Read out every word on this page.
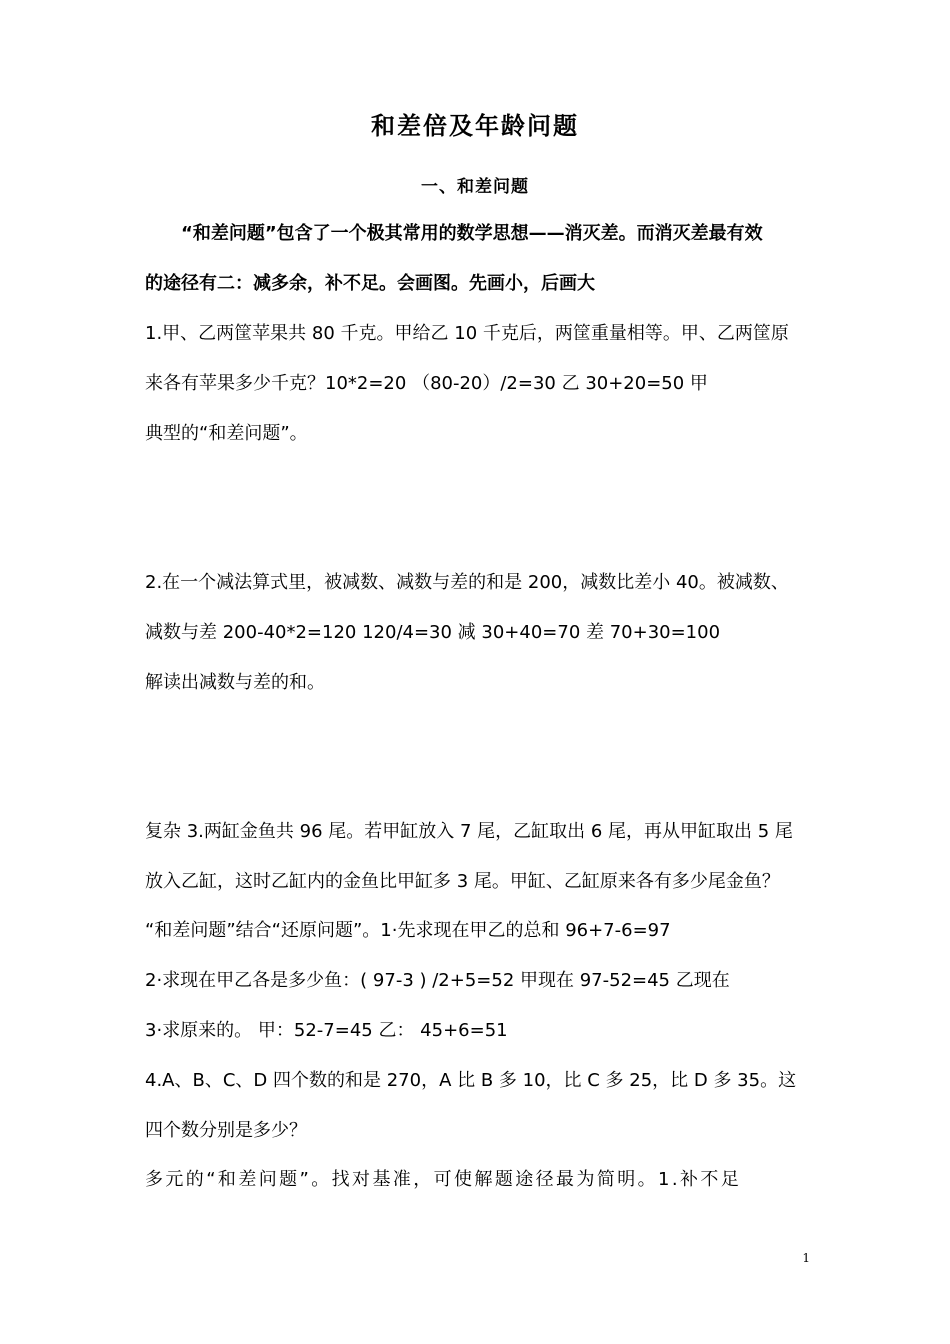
和差倍及年龄问题
一、和差问题
“和差问题”包含了一个极其常用的数学思想——消灭差。而消灭差最有效
的途径有二：减多余，补不足。会画图。先画小，后画大
1.甲、乙两筐苹果共 80 千克。甲给乙 10 千克后，两筐重量相等。甲、乙两筐原
来各有苹果多少千克？10*2=20 （80-20）/2=30 乙 30+20=50 甲
典型的“和差问题”。
2.在一个减法算式里，被减数、减数与差的和是 200，减数比差小 40。被减数、
减数与差 200-40*2=120 120/4=30 减 30+40=70 差 70+30=100
解读出减数与差的和。
复杂 3.两缸金鱼共 96 尾。若甲缸放入 7 尾，乙缸取出 6 尾，再从甲缸取出 5 尾
放入乙缸，这时乙缸内的金鱼比甲缸多 3 尾。甲缸、乙缸原来各有多少尾金鱼？
“和差问题”结合“还原问题”。1·先求现在甲乙的总和 96+7-6=97
2·求现在甲乙各是多少鱼：( 97-3 ) /2+5=52 甲现在 97-52=45 乙现在
3·求原来的。 甲：52-7=45 乙： 45+6=51
4.A、B、C、D 四个数的和是 270，A 比 B 多 10，比 C 多 25，比 D 多 35。这
四个数分别是多少？
多元的“和差问题”。找对基准，可使解题途径最为简明。1.补不足
1
